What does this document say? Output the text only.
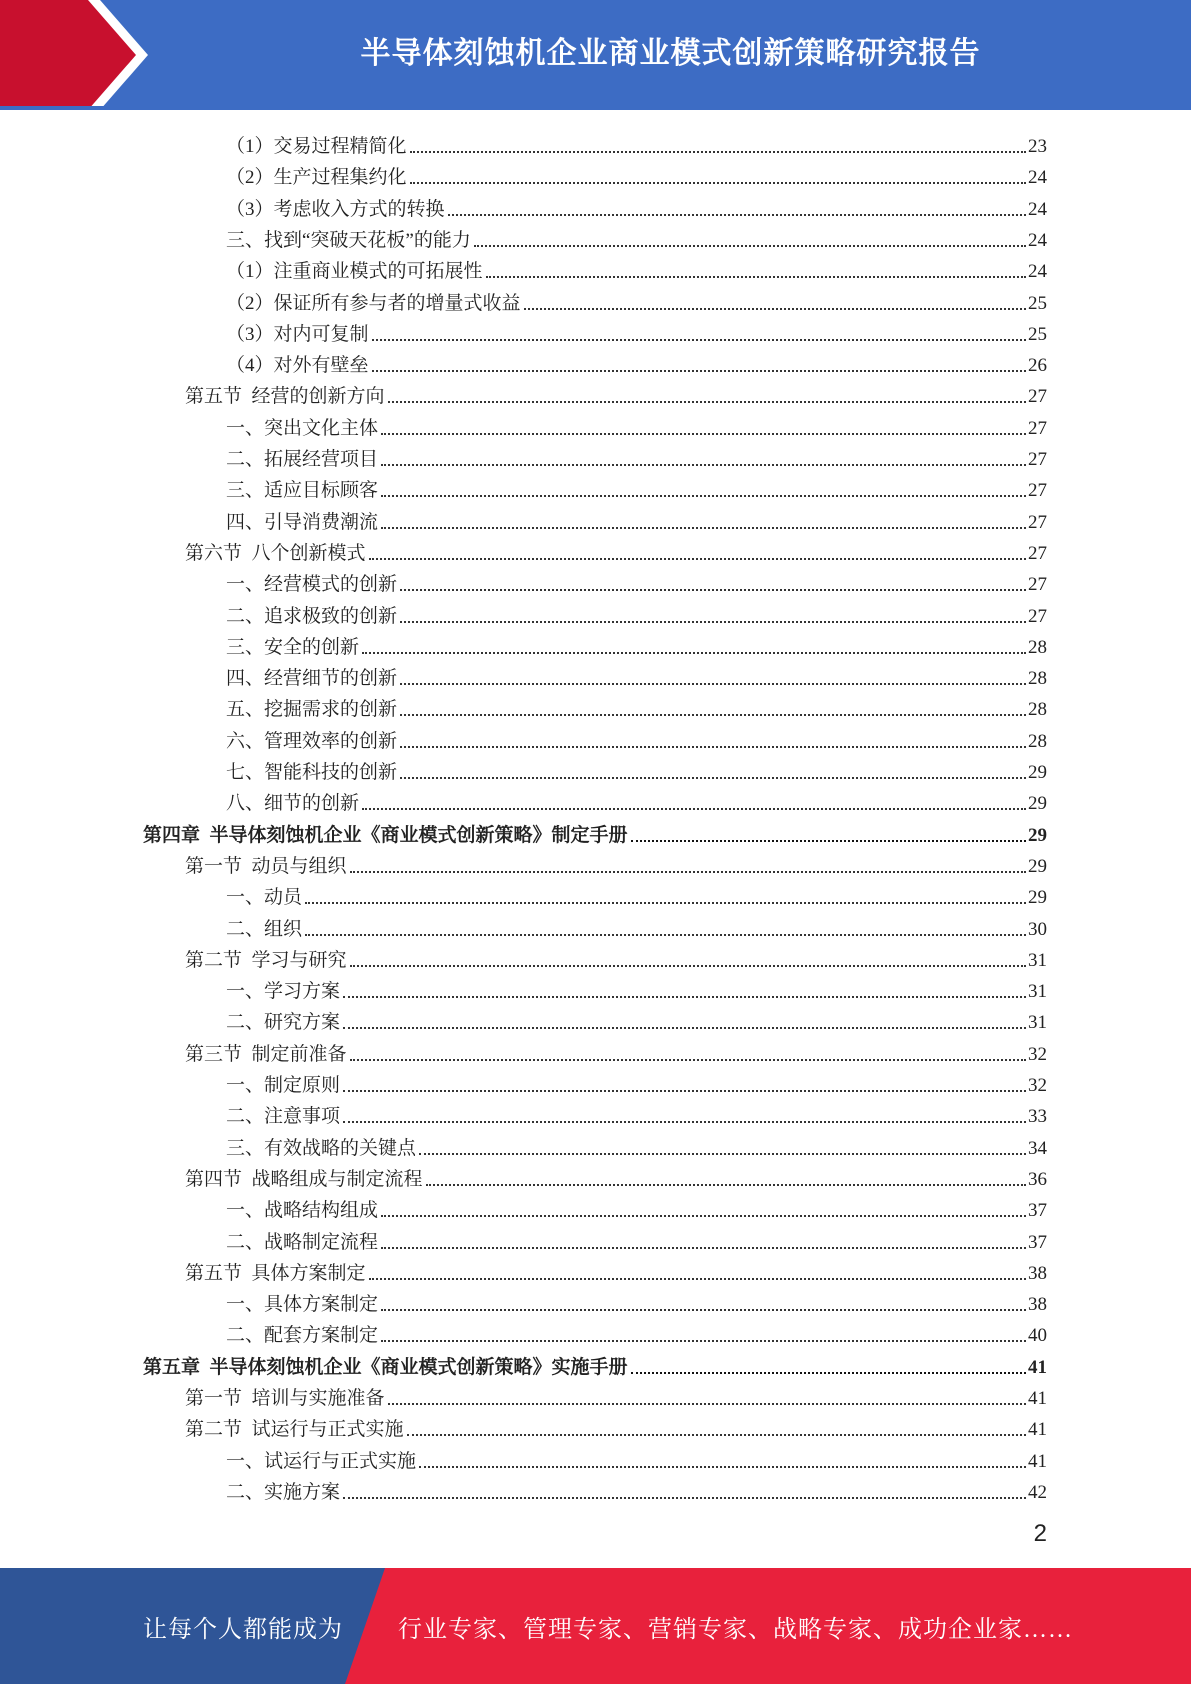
半导体刻蚀机企业商业模式创新策略研究报告
（1）交易过程精简化	23
（2）生产过程集约化	24
（3）考虑收入方式的转换	24
三、找到“突破天花板”的能力	24
（1）注重商业模式的可拓展性	24
（2）保证所有参与者的增量式收益	25
（3）对内可复制	25
（4）对外有壁垒	26
第五节  经营的创新方向	27
一、突出文化主体	27
二、拓展经营项目	27
三、适应目标顾客	27
四、引导消费潮流	27
第六节  八个创新模式	27
一、经营模式的创新	27
二、追求极致的创新	27
三、安全的创新	28
四、经营细节的创新	28
五、挖掘需求的创新	28
六、管理效率的创新	28
七、智能科技的创新	29
八、细节的创新	29
第四章  半导体刻蚀机企业《商业模式创新策略》制定手册	29
第一节  动员与组织	29
一、动员	29
二、组织	30
第二节  学习与研究	31
一、学习方案	31
二、研究方案	31
第三节  制定前准备	32
一、制定原则	32
二、注意事项	33
三、有效战略的关键点	34
第四节  战略组成与制定流程	36
一、战略结构组成	37
二、战略制定流程	37
第五节  具体方案制定	38
一、具体方案制定	38
二、配套方案制定	40
第五章  半导体刻蚀机企业《商业模式创新策略》实施手册	41
第一节  培训与实施准备	41
第二节  试运行与正式实施	41
一、试运行与正式实施	41
二、实施方案	42
2
让每个人都能成为 行业专家、管理专家、营销专家、战略专家、成功企业家……
